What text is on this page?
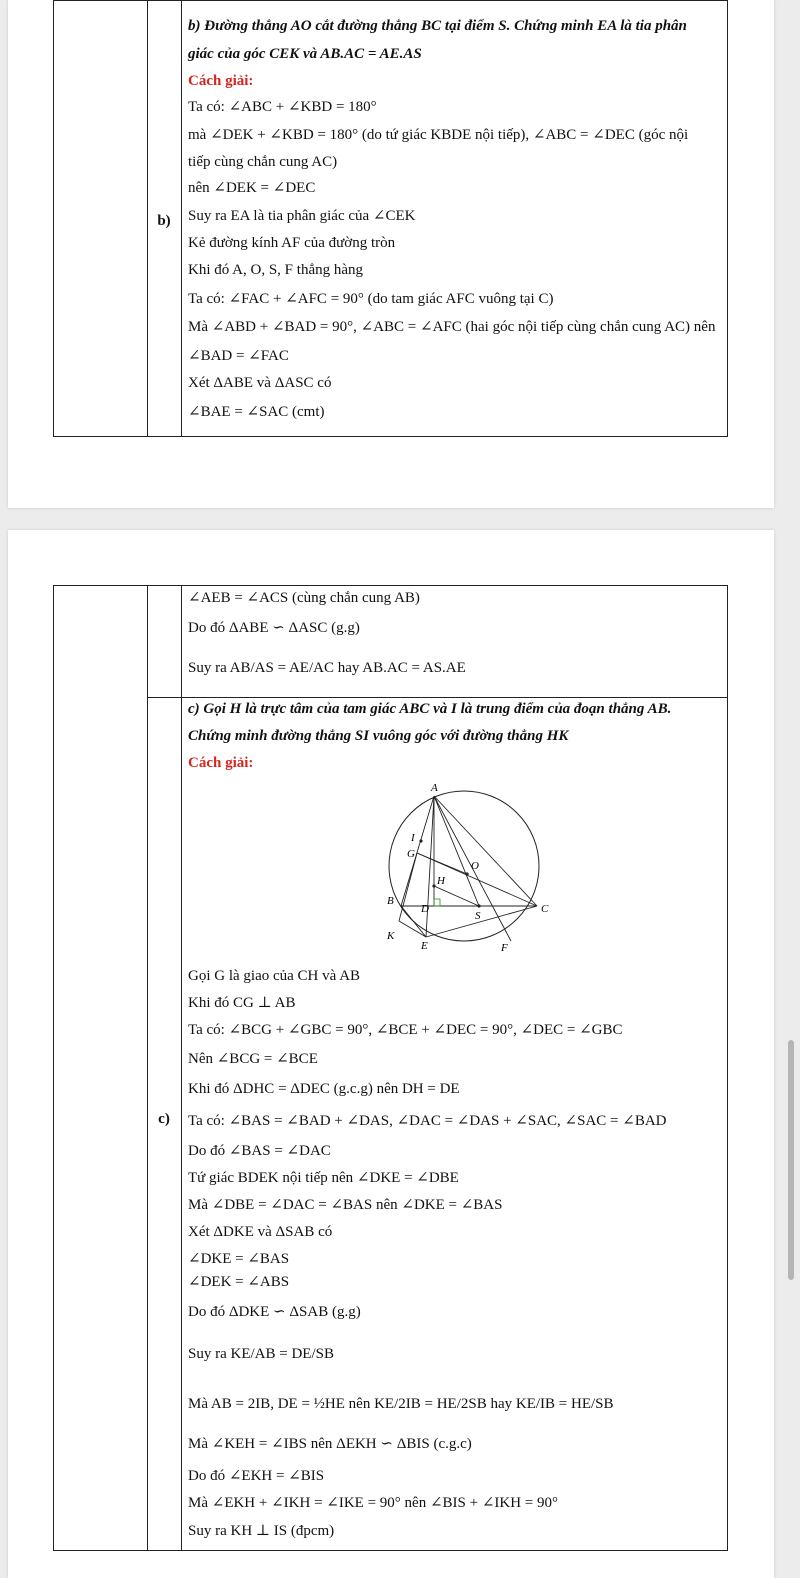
b)
b) Đường thẳng AO cắt đường thẳng BC tại điểm S. Chứng minh EA là tia phân
giác của góc CEK và AB.AC = AE.AS
Cách giải:
Ta có: ∠ABC + ∠KBD = 180°
mà ∠DEK + ∠KBD = 180° (do tứ giác KBDE nội tiếp), ∠ABC = ∠DEC (góc nội
tiếp cùng chắn cung AC)
nên ∠DEK = ∠DEC
Suy ra EA là tia phân giác của ∠CEK
Kẻ đường kính AF của đường tròn
Khi đó A, O, S, F thẳng hàng
Ta có: ∠FAC + ∠AFC = 90° (do tam giác AFC vuông tại C)
Mà ∠ABD + ∠BAD = 90°, ∠ABC = ∠AFC (hai góc nội tiếp cùng chắn cung AC) nên
∠BAD = ∠FAC
Xét ΔABE và ΔASC có
∠BAE = ∠SAC (cmt)
∠AEB = ∠ACS (cùng chắn cung AB)
Do đó ΔABE ∽ ΔASC (g.g)
Suy ra AB/AS = AE/AC hay AB.AC = AS.AE
c)
c) Gọi H là trực tâm của tam giác ABC và I là trung điểm của đoạn thẳng AB.
Chứng minh đường thẳng SI vuông góc với đường thẳng HK
Cách giải:
A
I
G
O
H
B
D
S
C
K
E	F
Gọi G là giao của CH và AB
Khi đó CG ⊥ AB
Ta có: ∠BCG + ∠GBC = 90°, ∠BCE + ∠DEC = 90°, ∠DEC = ∠GBC
Nên ∠BCG = ∠BCE
Khi đó ΔDHC = ΔDEC (g.c.g) nên DH = DE
Ta có: ∠BAS = ∠BAD + ∠DAS, ∠DAC = ∠DAS + ∠SAC, ∠SAC = ∠BAD
Do đó ∠BAS = ∠DAC
Tứ giác BDEK nội tiếp nên ∠DKE = ∠DBE
Mà ∠DBE = ∠DAC = ∠BAS nên ∠DKE = ∠BAS
Xét ΔDKE và ΔSAB có
∠DKE = ∠BAS
∠DEK = ∠ABS
Do đó ΔDKE ∽ ΔSAB (g.g)
Suy ra KE/AB = DE/SB
Mà AB = 2IB, DE = ½HE nên KE/2IB = HE/2SB hay KE/IB = HE/SB
Mà ∠KEH = ∠IBS nên ΔEKH ∽ ΔBIS (c.g.c)
Do đó ∠EKH = ∠BIS
Mà ∠EKH + ∠IKH = ∠IKE = 90° nên ∠BIS + ∠IKH = 90°
Suy ra KH ⊥ IS (đpcm)
